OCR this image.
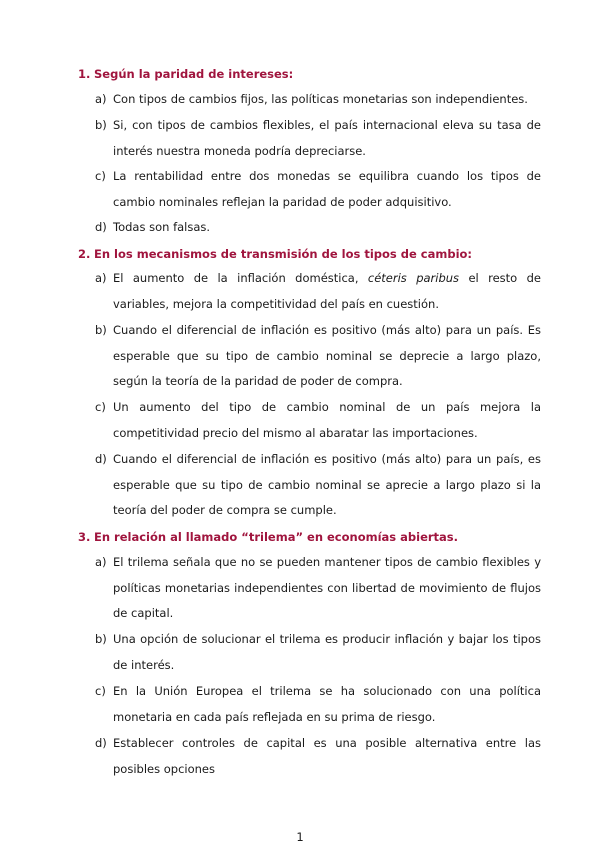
1. Según la paridad de intereses:
a) Con tipos de cambios fijos, las políticas monetarias son independientes.
b) Si, con tipos de cambios flexibles, el país internacional eleva su tasa de interés nuestra moneda podría depreciarse.
c) La rentabilidad entre dos monedas se equilibra cuando los tipos de cambio nominales reflejan la paridad de poder adquisitivo.
d) Todas son falsas.
2. En los mecanismos de transmisión de los tipos de cambio:
a) El aumento de la inflación doméstica, céteris paribus el resto de variables, mejora la competitividad del país en cuestión.
b) Cuando el diferencial de inflación es positivo (más alto) para un país. Es esperable que su tipo de cambio nominal se deprecie a largo plazo, según la teoría de la paridad de poder de compra.
c) Un aumento del tipo de cambio nominal de un país mejora la competitividad precio del mismo al abaratar las importaciones.
d) Cuando el diferencial de inflación es positivo (más alto) para un país, es esperable que su tipo de cambio nominal se aprecie a largo plazo si la teoría del poder de compra se cumple.
3. En relación al llamado “trilema” en economías abiertas.
a) El trilema señala que no se pueden mantener tipos de cambio flexibles y políticas monetarias independientes con libertad de movimiento de flujos de capital.
b) Una opción de solucionar el trilema es producir inflación y bajar los tipos de interés.
c) En la Unión Europea el trilema se ha solucionado con una política monetaria en cada país reflejada en su prima de riesgo.
d) Establecer controles de capital es una posible alternativa entre las posibles opciones
1
